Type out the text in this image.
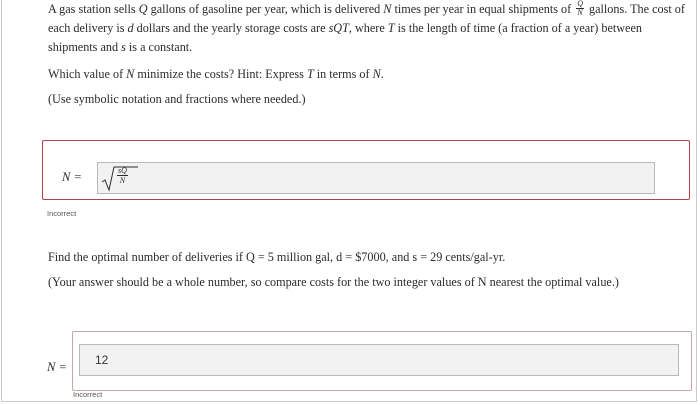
A gas station sells Q gallons of gasoline per year, which is delivered N times per year in equal shipments of $\frac{Q}{N}$ gallons. The cost of each delivery is d dollars and the yearly storage costs are sQT, where T is the length of time (a fraction of a year) between shipments and s is a constant.

Which value of N minimize the costs? Hint: Express T in terms of N.

(Use symbolic notation and fractions where needed.)

N =	$\frac{sQ}{N}$
Incorrect

Find the optimal number of deliveries if Q = 5 million gal, d = $7000, and s = 29 cents/gal-yr.

(Your answer should be a whole number, so compare costs for the two integer values of N nearest the optimal value.)

N =	12
Incorrect
